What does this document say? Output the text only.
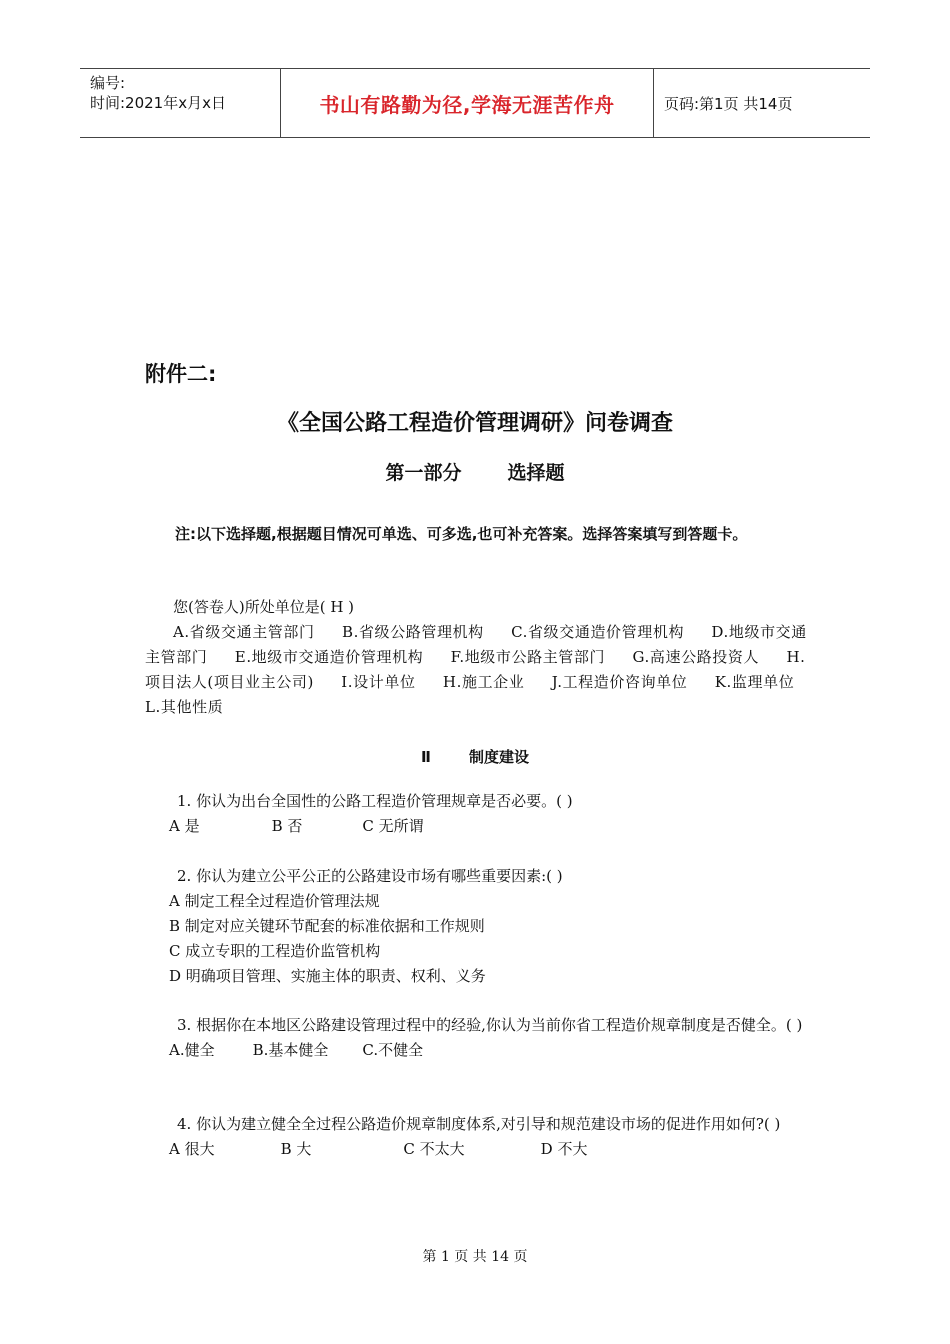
编号:
时间:2021年x月x日	书山有路勤为径,学海无涯苦作舟	页码:第1页 共14页
附件二:
《全国公路工程造价管理调研》问卷调查
第一部分 选择题
注:以下选择题,根据题目情况可单选、可多选,也可补充答案。选择答案填写到答题卡。

您(答卷人)所处单位是( H )

A.省级交通主管部门 B.省级公路管理机构 C.省级交通造价管理机构 D.地级市交通主管部门 E.地级市交通造价管理机构 F.地级市公路主管部门 G.高速公路投资人 H.项目法人(项目业主公司) I.设计单位 H.施工企业 J.工程造价咨询单位 K.监理单位 L.其他性质

Ⅱ	制度建设

1. 你认为出台全国性的公路工程造价管理规章是否必要。( )

A 是	B 否	C 无所谓

2. 你认为建立公平公正的公路建设市场有哪些重要因素:( )

A 制定工程全过程造价管理法规

B 制定对应关键环节配套的标准依据和工作规则

C 成立专职的工程造价监管机构

D 明确项目管理、实施主体的职责、权利、义务

3. 根据你在本地区公路建设管理过程中的经验,你认为当前你省工程造价规章制度是否健全。( )

A.健全	B.基本健全 C.不健全

4. 你认为建立健全全过程公路造价规章制度体系,对引导和规范建设市场的促进作用如何?( )

A 很大	B 大	C 不太大	D 不大

第 1 页 共 14 页
